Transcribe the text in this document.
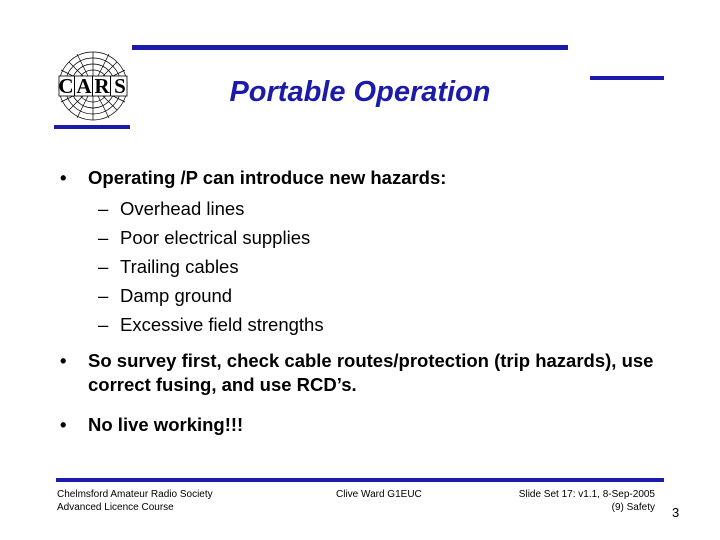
C A R S	Portable Operation
• Operating /P can introduce new hazards:
– Overhead lines
– Poor electrical supplies
– Trailing cables
– Damp ground
– Excessive field strengths
• So survey first, check cable routes/protection (trip hazards), use correct fusing, and use RCD’s.
• No live working!!!
Chelmsford Amateur Radio Society
Advanced Licence Course
Clive Ward G1EUC	Slide Set 17: v1.1, 8-Sep-2005
(9) Safety 3
